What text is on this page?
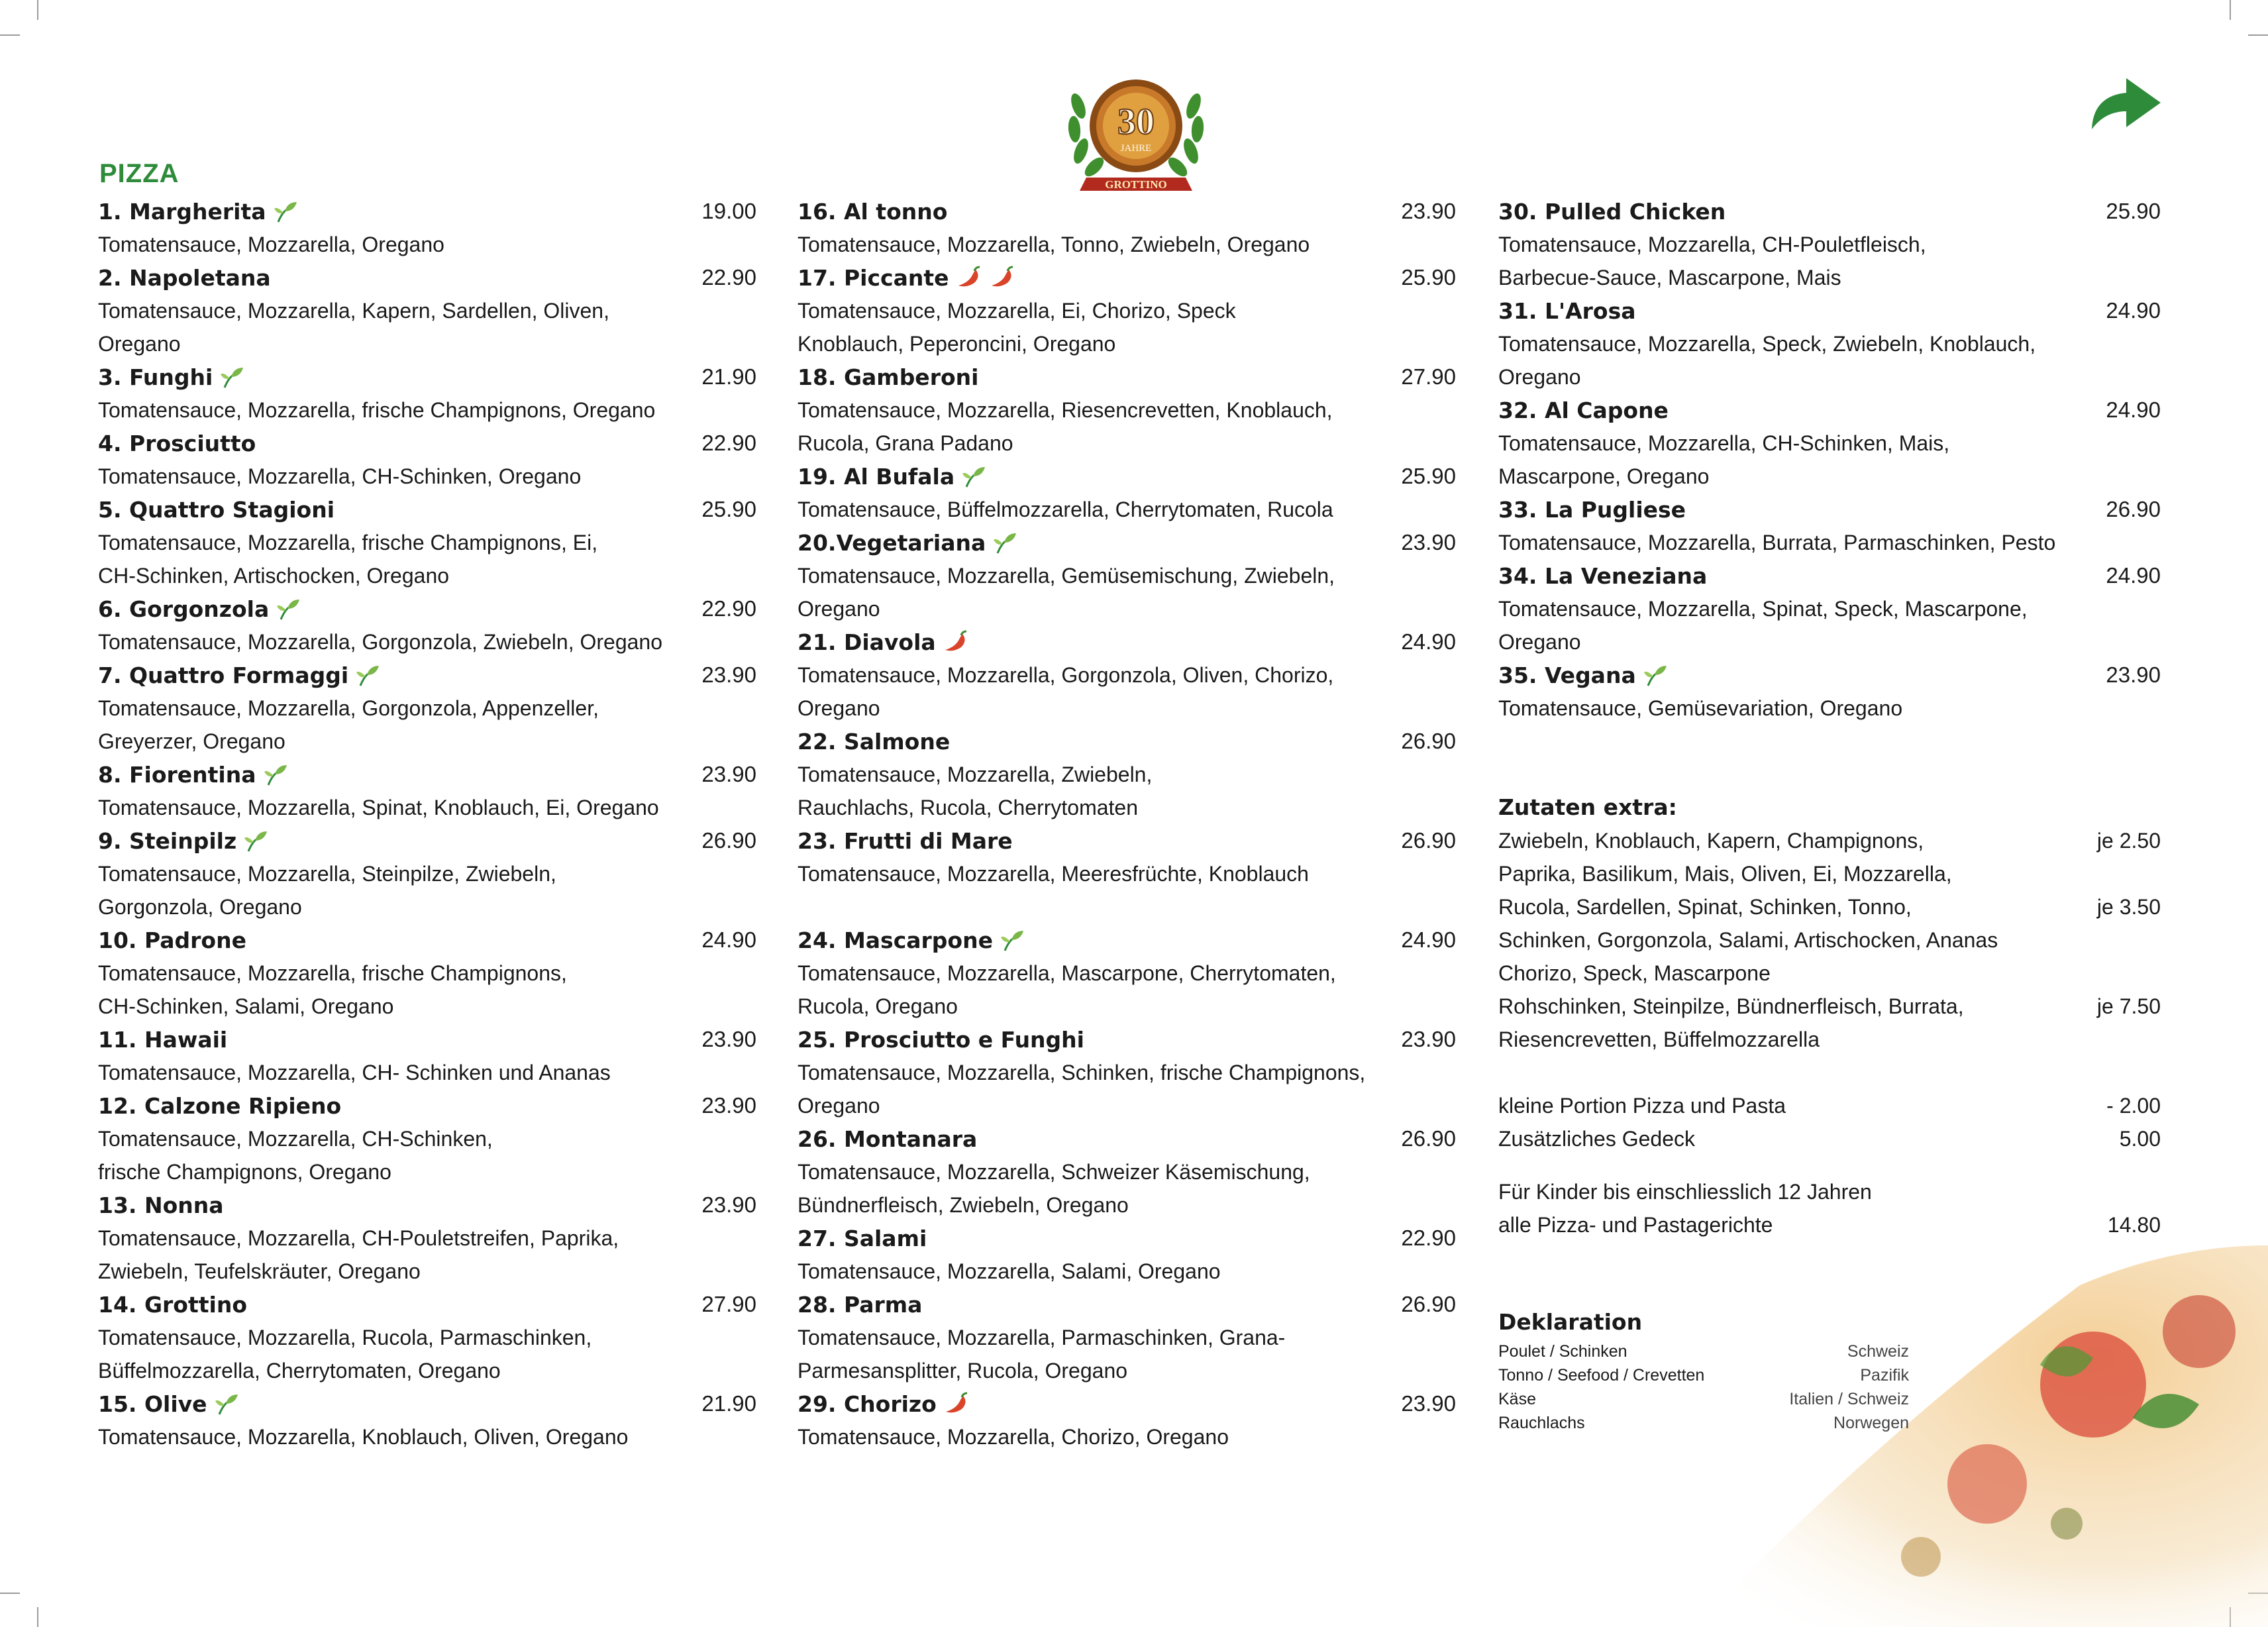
30
JAHRE
GROTTINO
PIZZA
1. Margherita	19.00
Tomatensauce, Mozzarella, Oregano
2. Napoletana	22.90
Tomatensauce, Mozzarella, Kapern, Sardellen, Oliven,
Oregano
3. Funghi	21.90
Tomatensauce, Mozzarella, frische Champignons, Oregano
4. Prosciutto	22.90
Tomatensauce, Mozzarella, CH-Schinken, Oregano
5. Quattro Stagioni	25.90
Tomatensauce, Mozzarella, frische Champignons, Ei,
CH-Schinken, Artischocken, Oregano
6. Gorgonzola	22.90
Tomatensauce, Mozzarella, Gorgonzola, Zwiebeln, Oregano
7. Quattro Formaggi	23.90
Tomatensauce, Mozzarella, Gorgonzola, Appenzeller,
Greyerzer, Oregano
8. Fiorentina	23.90
Tomatensauce, Mozzarella, Spinat, Knoblauch, Ei, Oregano
9. Steinpilz	26.90
Tomatensauce, Mozzarella, Steinpilze, Zwiebeln,
Gorgonzola, Oregano
10. Padrone	24.90
Tomatensauce, Mozzarella, frische Champignons,
CH-Schinken, Salami, Oregano
11. Hawaii	23.90
Tomatensauce, Mozzarella, CH- Schinken und Ananas
12. Calzone Ripieno	23.90
Tomatensauce, Mozzarella, CH-Schinken,
frische Champignons, Oregano
13. Nonna	23.90
Tomatensauce, Mozzarella, CH-Pouletstreifen, Paprika,
Zwiebeln, Teufelskräuter, Oregano
14. Grottino	27.90
Tomatensauce, Mozzarella, Rucola, Parmaschinken,
Büffelmozzarella, Cherrytomaten, Oregano
15. Olive	21.90
Tomatensauce, Mozzarella, Knoblauch, Oliven, Oregano
16. Al tonno	23.90
Tomatensauce, Mozzarella, Tonno, Zwiebeln, Oregano
17. Piccante	25.90
Tomatensauce, Mozzarella, Ei, Chorizo, Speck
Knoblauch, Peperoncini, Oregano
18. Gamberoni	27.90
Tomatensauce, Mozzarella, Riesencrevetten, Knoblauch,
Rucola, Grana Padano
19. Al Bufala	25.90
Tomatensauce, Büffelmozzarella, Cherrytomaten, Rucola
20.Vegetariana	23.90
Tomatensauce, Mozzarella, Gemüsemischung, Zwiebeln,
Oregano
21. Diavola	24.90
Tomatensauce, Mozzarella, Gorgonzola, Oliven, Chorizo,
Oregano
22. Salmone	26.90
Tomatensauce, Mozzarella, Zwiebeln,
Rauchlachs, Rucola, Cherrytomaten
23. Frutti di Mare	26.90
Tomatensauce, Mozzarella, Meeresfrüchte, Knoblauch
24. Mascarpone	24.90
Tomatensauce, Mozzarella, Mascarpone, Cherrytomaten,
Rucola, Oregano
25. Prosciutto e Funghi	23.90
Tomatensauce, Mozzarella, Schinken, frische Champignons,
Oregano
26. Montanara	26.90
Tomatensauce, Mozzarella, Schweizer Käsemischung,
Bündnerfleisch, Zwiebeln, Oregano
27. Salami	22.90
Tomatensauce, Mozzarella, Salami, Oregano
28. Parma	26.90
Tomatensauce, Mozzarella, Parmaschinken, Grana-
Parmesansplitter, Rucola, Oregano
29. Chorizo	23.90
Tomatensauce, Mozzarella, Chorizo, Oregano
30. Pulled Chicken	25.90
Tomatensauce, Mozzarella, CH-Pouletfleisch,
Barbecue-Sauce, Mascarpone, Mais
31. L'Arosa	24.90
Tomatensauce, Mozzarella, Speck, Zwiebeln, Knoblauch,
Oregano
32. Al Capone	24.90
Tomatensauce, Mozzarella, CH-Schinken, Mais,
Mascarpone, Oregano
33. La Pugliese	26.90
Tomatensauce, Mozzarella, Burrata, Parmaschinken, Pesto
34. La Veneziana	24.90
Tomatensauce, Mozzarella, Spinat, Speck, Mascarpone,
Oregano
35. Vegana	23.90
Tomatensauce, Gemüsevariation, Oregano
Zutaten extra:
Zwiebeln, Knoblauch, Kapern, Champignons,	je 2.50
Paprika, Basilikum, Mais, Oliven, Ei, Mozzarella,
Rucola, Sardellen, Spinat, Schinken, Tonno,	je 3.50
Schinken, Gorgonzola, Salami, Artischocken, Ananas
Chorizo, Speck, Mascarpone
Rohschinken, Steinpilze, Bündnerfleisch, Burrata,	je 7.50
Riesencrevetten, Büffelmozzarella
kleine Portion Pizza und Pasta	- 2.00
Zusätzliches Gedeck	5.00
Für Kinder bis einschliesslich 12 Jahren
alle Pizza- und Pastagerichte	14.80
Deklaration
Poulet / Schinken	Schweiz
Tonno / Seefood / Crevetten	Pazifik
Käse	Italien / Schweiz
Rauchlachs	Norwegen
